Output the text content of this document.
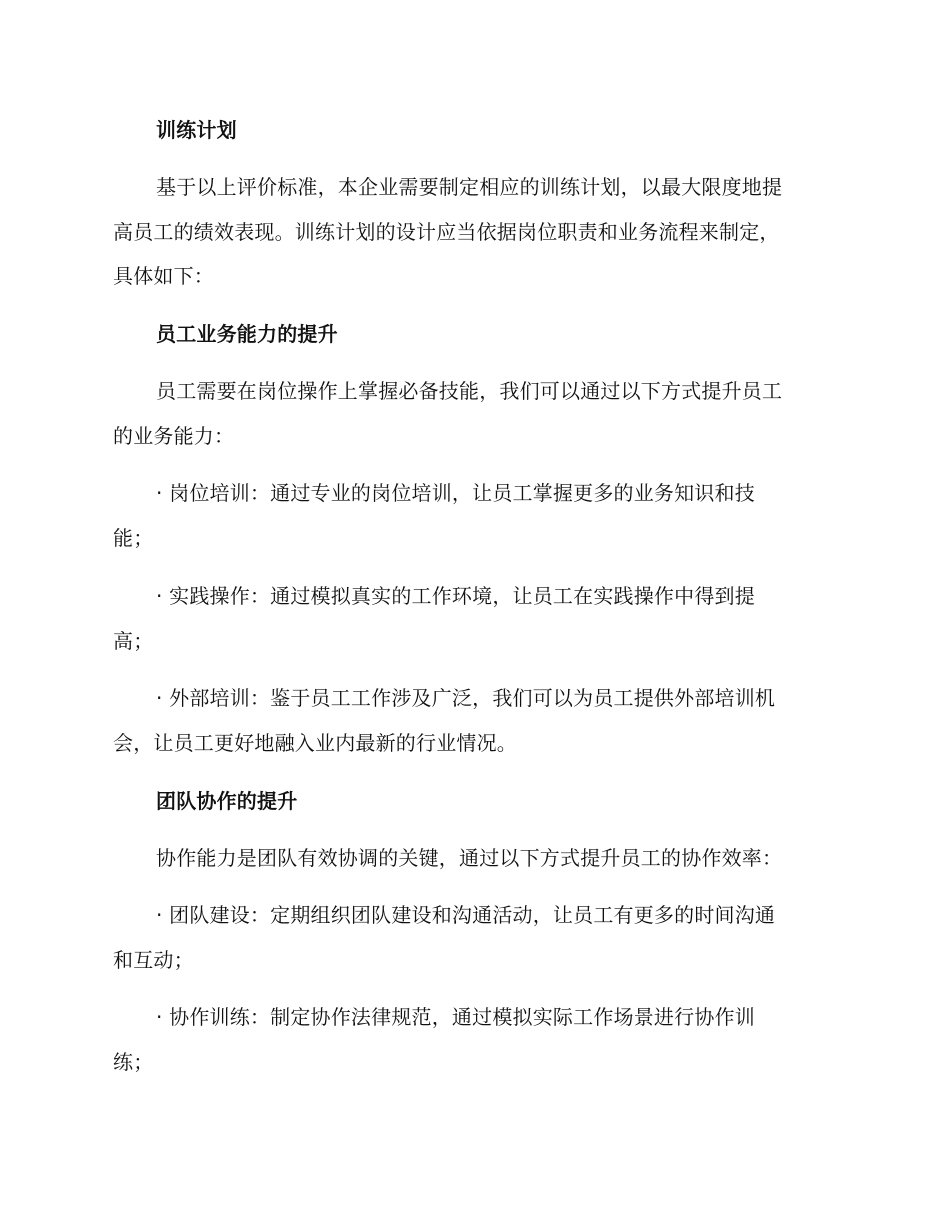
训练计划
基于以上评价标准，本企业需要制定相应的训练计划，以最大限度地提
高员工的绩效表现。训练计划的设计应当依据岗位职责和业务流程来制定，
具体如下：
员工业务能力的提升
员工需要在岗位操作上掌握必备技能，我们可以通过以下方式提升员工
的业务能力：
· 岗位培训：通过专业的岗位培训，让员工掌握更多的业务知识和技
能；
· 实践操作：通过模拟真实的工作环境，让员工在实践操作中得到提
高；
· 外部培训：鉴于员工工作涉及广泛，我们可以为员工提供外部培训机
会，让员工更好地融入业内最新的行业情况。
团队协作的提升
协作能力是团队有效协调的关键，通过以下方式提升员工的协作效率：
· 团队建设：定期组织团队建设和沟通活动，让员工有更多的时间沟通
和互动；
· 协作训练：制定协作法律规范，通过模拟实际工作场景进行协作训
练；
